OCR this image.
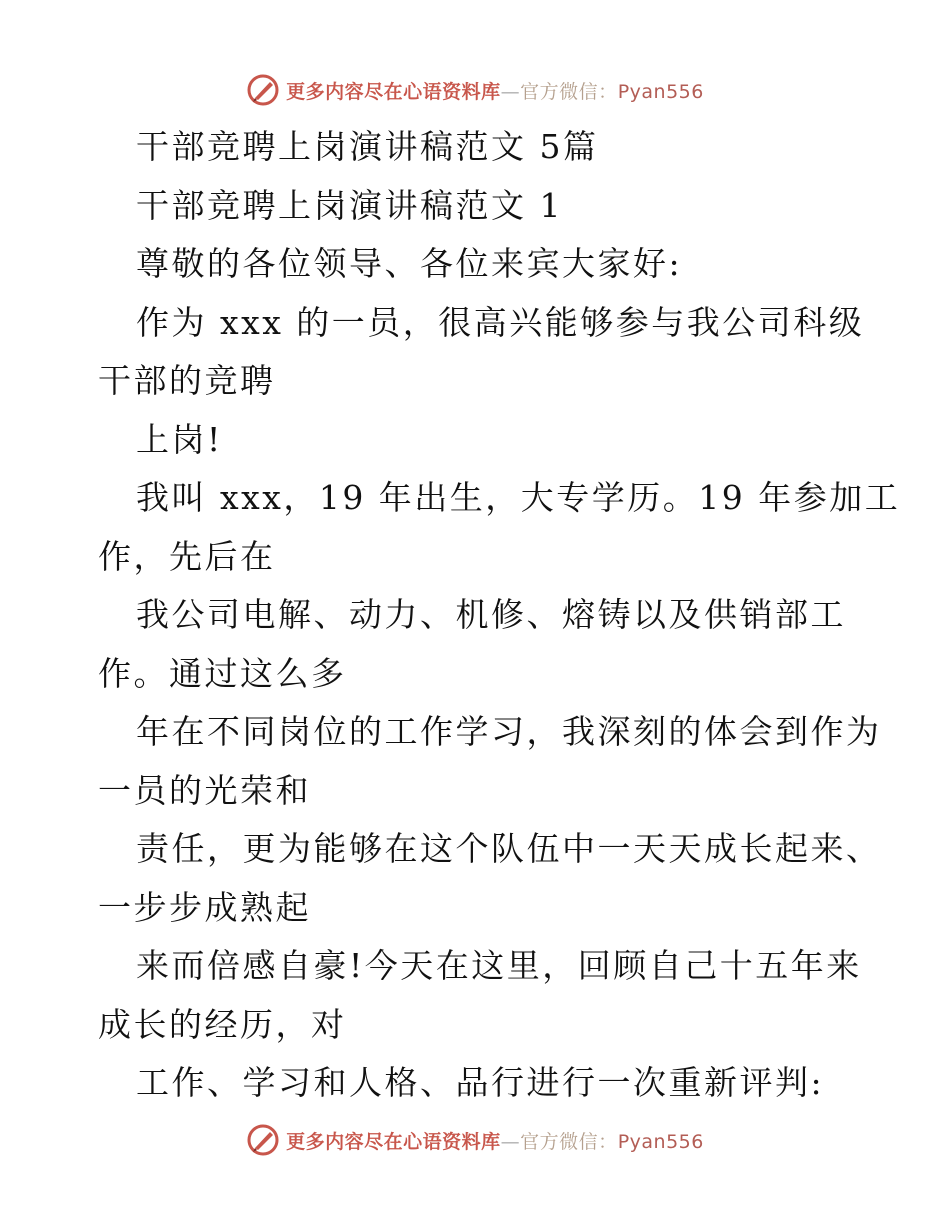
更多内容尽在心语资料库—官方微信：Pyan556
干部竞聘上岗演讲稿范文 5篇
干部竞聘上岗演讲稿范文 1
尊敬的各位领导、各位来宾大家好:
作为 xxx 的一员，很高兴能够参与我公司科级
干部的竞聘
上岗!
我叫 xxx，19 年出生，大专学历。19 年参加工
作，先后在
我公司电解、动力、机修、熔铸以及供销部工
作。通过这么多
年在不同岗位的工作学习，我深刻的体会到作为
一员的光荣和
责任，更为能够在这个队伍中一天天成长起来、
一步步成熟起
来而倍感自豪!今天在这里，回顾自己十五年来
成长的经历，对
工作、学习和人格、品行进行一次重新评判:
更多内容尽在心语资料库—官方微信：Pyan556
